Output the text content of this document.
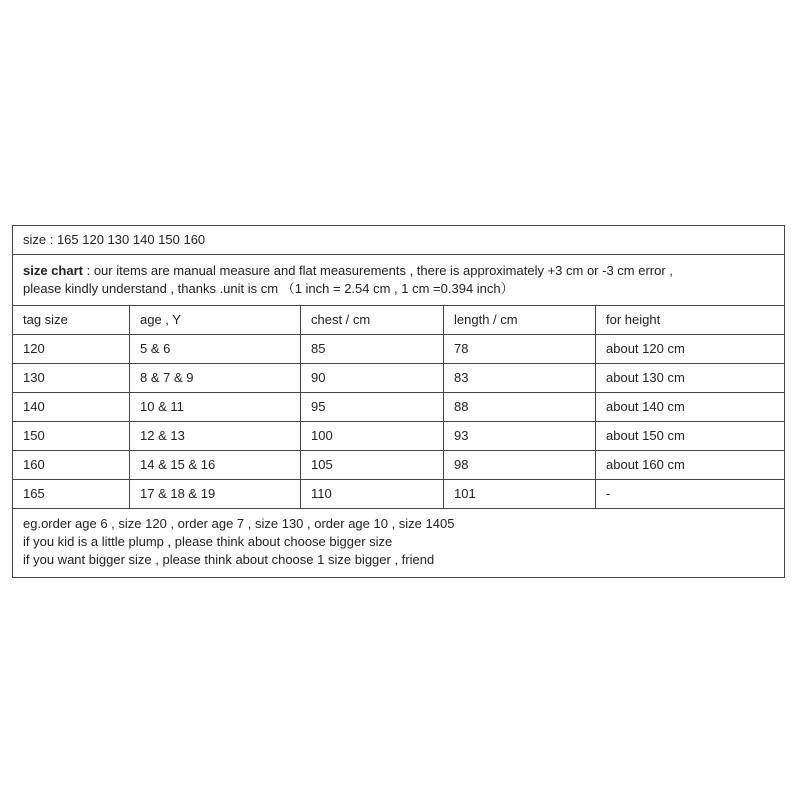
size : 165 120 130 140 150 160				

size chart : our items are manual measure and flat measurements , there is approximately +3 cm or -3 cm error ,
please kindly understand , thanks .unit is cm （1 inch = 2.54 cm , 1 cm =0.394 inch）				

tag size	age , Y	chest / cm	length / cm	for height
120	5 & 6	85	78	about 120 cm
130	8 & 7 & 9	90	83	about 130 cm
140	10 & 11	95	88	about 140 cm
150	12 & 13	100	93	about 150 cm
160	14 & 15 & 16	105	98	about 160 cm
165	17 & 18 & 19	110	101	-

eg.order age 6 , size 120 , order age 7 , size 130 , order age 10 , size 1405
if you kid is a little plump , please think about choose bigger size
if you want bigger size , please think about choose 1 size bigger , friend				
